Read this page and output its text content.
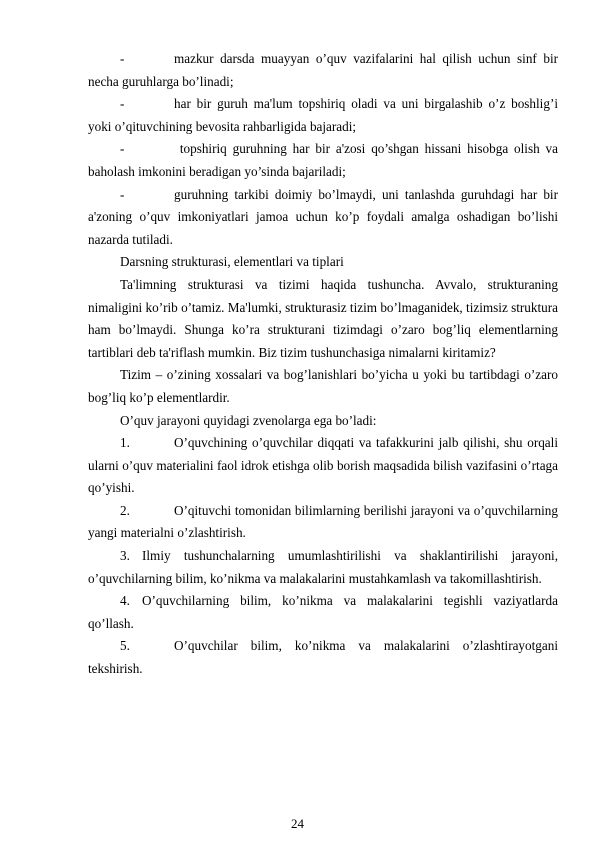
-	mazkur darsda muayyan o’quv vazifalarini hal qilish uchun sinf bir necha guruhlarga bo’linadi;

-	har bir guruh ma'lum topshiriq oladi va uni birgalashib o’z boshlig’i yoki o’qituvchining bevosita rahbarligida bajaradi;

-	topshiriq guruhning har bir a'zosi qo’shgan hissani hisobga olish va baholash imkonini beradigan yo’sinda bajariladi;

-	guruhning tarkibi doimiy bo’lmaydi, uni tanlashda guruhdagi har bir a'zoning o’quv imkoniyatlari jamoa uchun ko’p foydali amalga oshadigan bo’lishi nazarda tutiladi.

Darsning strukturasi, elementlari va tiplari

Ta'limning strukturasi va tizimi haqida tushuncha. Avvalo, strukturaning nimaligini ko’rib o’tamiz. Ma'lumki, strukturasiz tizim bo’lmaganidek, tizimsiz struktura ham bo’lmaydi. Shunga ko’ra strukturani tizimdagi o’zaro bog’liq elementlarning tartiblari deb ta'riflash mumkin. Biz tizim tushunchasiga nimalarni kiritamiz?

Tizim – o’zining xossalari va bog’lanishlari bo’yicha u yoki bu tartibdagi o’zaro bog’liq ko’p elementlardir.

O’quv jarayoni quyidagi zvenolarga ega bo’ladi:

1.	O’quvchining o’quvchilar diqqati va tafakkurini jalb qilishi, shu orqali ularni o’quv materialini faol idrok etishga olib borish maqsadida bilish vazifasini o’rtaga qo’yishi.

2.	O’qituvchi tomonidan bilimlarning berilishi jarayoni va o’quvchilarning yangi materialni o’zlashtirish.

3. Ilmiy tushunchalarning umumlashtirilishi va shaklantirilishi jarayoni, o’quvchilarning bilim, ko’nikma va malakalarini mustahkamlash va takomillashtirish.

4. O’quvchilarning bilim, ko’nikma va malakalarini tegishli vaziyatlarda qo’llash.

5.	O’quvchilar bilim, ko’nikma va malakalarini o’zlashtirayotgani tekshirish.

24
